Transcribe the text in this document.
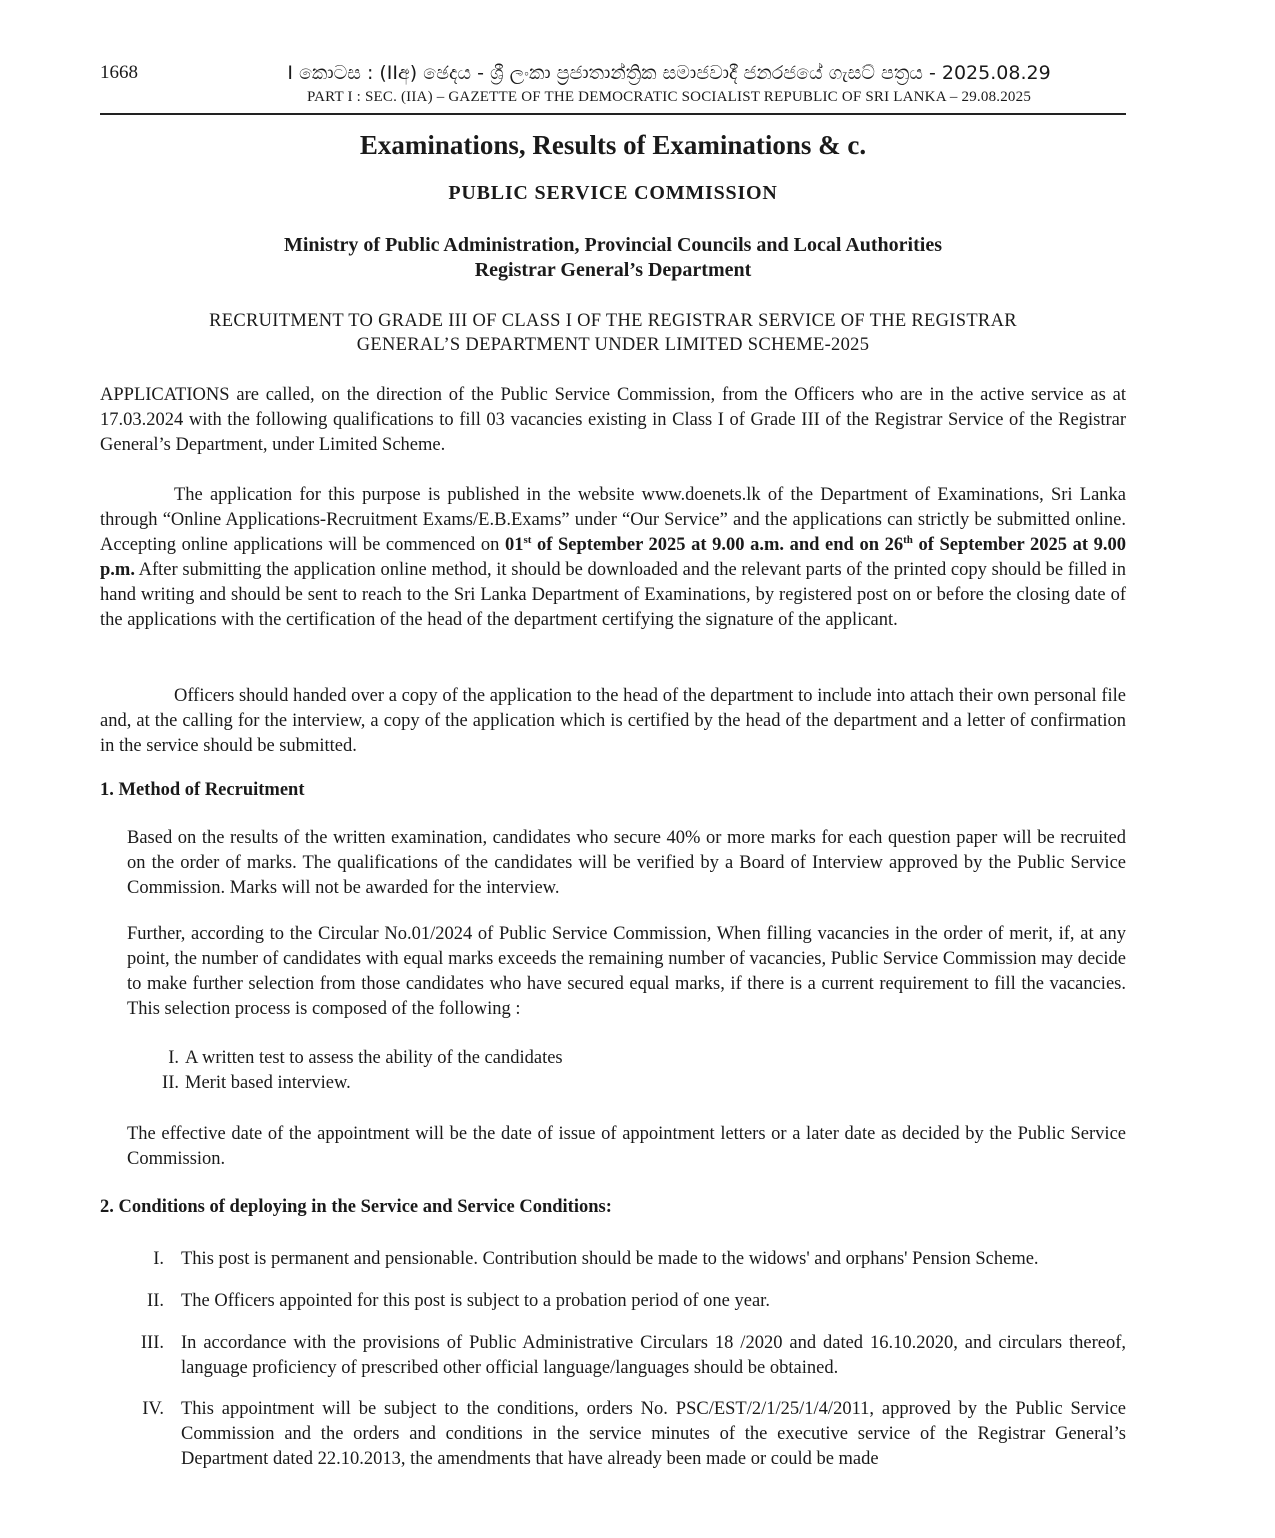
1668	I කොටස : (IIඅ) ඡෙදය - ශ්‍රී ලංකා ප්‍රජාතාන්ත්‍රික සමාජවාදී ජනරජයේ ගැසට් පත්‍රය - 2025.08.29
PART I : SEC. (IIA) – GAZETTE OF THE DEMOCRATIC SOCIALIST REPUBLIC OF SRI LANKA – 29.08.2025
Examinations, Results of Examinations & c.
PUBLIC SERVICE COMMISSION
Ministry of Public Administration, Provincial Councils and Local Authorities
Registrar General’s Department
RECRUITMENT TO GRADE III OF CLASS I OF THE REGISTRAR SERVICE OF THE REGISTRAR
GENERAL’S DEPARTMENT UNDER LIMITED SCHEME-2025

APPLICATIONS are called, on the direction of the Public Service Commission, from the Officers who are in the active service as at 17.03.2024 with the following qualifications to fill 03 vacancies existing in Class I of Grade III of the Registrar Service of the Registrar General’s Department, under Limited Scheme.

The application for this purpose is published in the website www.doenets.lk of the Department of Examinations, Sri Lanka through “Online Applications-Recruitment Exams/E.B.Exams” under “Our Service” and the applications can strictly be submitted online. Accepting online applications will be commenced on 01st of September 2025 at 9.00 a.m. and end on 26th of September 2025 at 9.00 p.m. After submitting the application online method, it should be downloaded and the relevant parts of the printed copy should be filled in hand writing and should be sent to reach to the Sri Lanka Department of Examinations, by registered post on or before the closing date of the applications with the certification of the head of the department certifying the signature of the applicant.

Officers should handed over a copy of the application to the head of the department to include into attach their own personal file and, at the calling for the interview, a copy of the application which is certified by the head of the department and a letter of confirmation in the service should be submitted.

1. Method of Recruitment

Based on the results of the written examination, candidates who secure 40% or more marks for each question paper will be recruited on the order of marks. The qualifications of the candidates will be verified by a Board of Interview approved by the Public Service Commission. Marks will not be awarded for the interview.

Further, according to the Circular No.01/2024 of Public Service Commission, When filling vacancies in the order of merit, if, at any point, the number of candidates with equal marks exceeds the remaining number of vacancies, Public Service Commission may decide to make further selection from those candidates who have secured equal marks, if there is a current requirement to fill the vacancies. This selection process is composed of the following :

I. A written test to assess the ability of the candidates
II. Merit based interview.

The effective date of the appointment will be the date of issue of appointment letters or a later date as decided by the Public Service Commission.

2. Conditions of deploying in the Service and Service Conditions:
I. This post is permanent and pensionable. Contribution should be made to the widows' and orphans' Pension Scheme.

II. The Officers appointed for this post is subject to a probation period of one year.

III. In accordance with the provisions of Public Administrative Circulars 18 /2020 and dated 16.10.2020, and circulars thereof, language proficiency of prescribed other official language/languages should be obtained.

IV. This appointment will be subject to the conditions, orders No. PSC/EST/2/1/25/1/4/2011, approved by the Public Service Commission and the orders and conditions in the service minutes of the executive service of the Registrar General’s Department dated 22.10.2013, the amendments that have already been made or could be made
